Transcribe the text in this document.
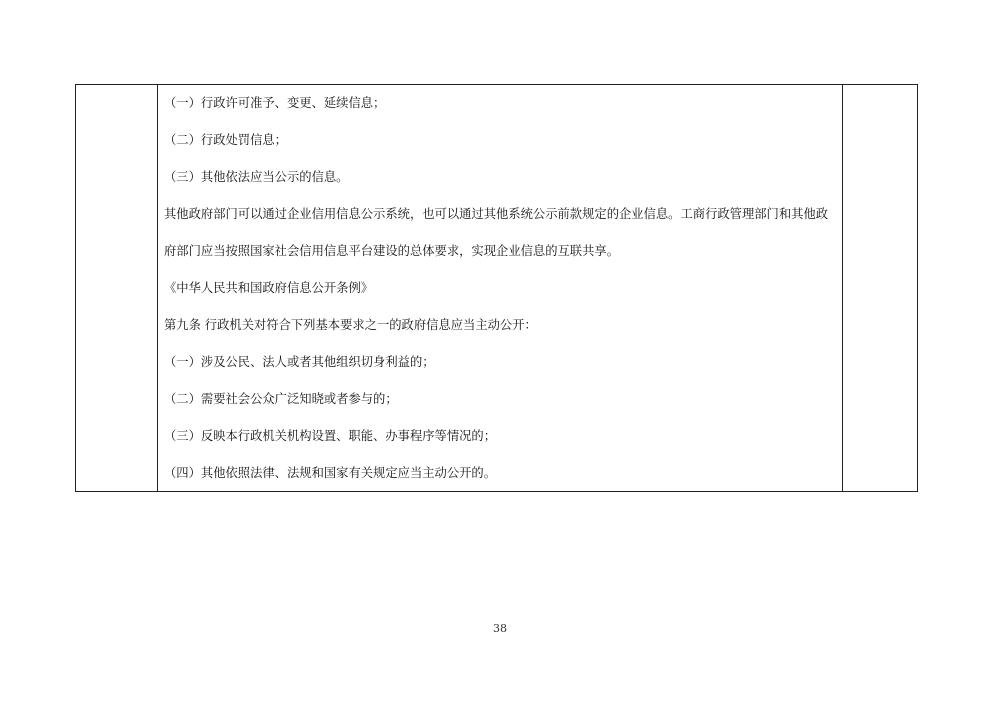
（一）行政许可准予、变更、延续信息；
（二）行政处罚信息；
（三）其他依法应当公示的信息。
其他政府部门可以通过企业信用信息公示系统，也可以通过其他系统公示前款规定的企业信息。工商行政管理部门和其他政
府部门应当按照国家社会信用信息平台建设的总体要求，实现企业信息的互联共享。
《中华人民共和国政府信息公开条例》
第九条 行政机关对符合下列基本要求之一的政府信息应当主动公开：
（一）涉及公民、法人或者其他组织切身利益的；
（二）需要社会公众广泛知晓或者参与的；
（三）反映本行政机关机构设置、职能、办事程序等情况的；
（四）其他依照法律、法规和国家有关规定应当主动公开的。
38
